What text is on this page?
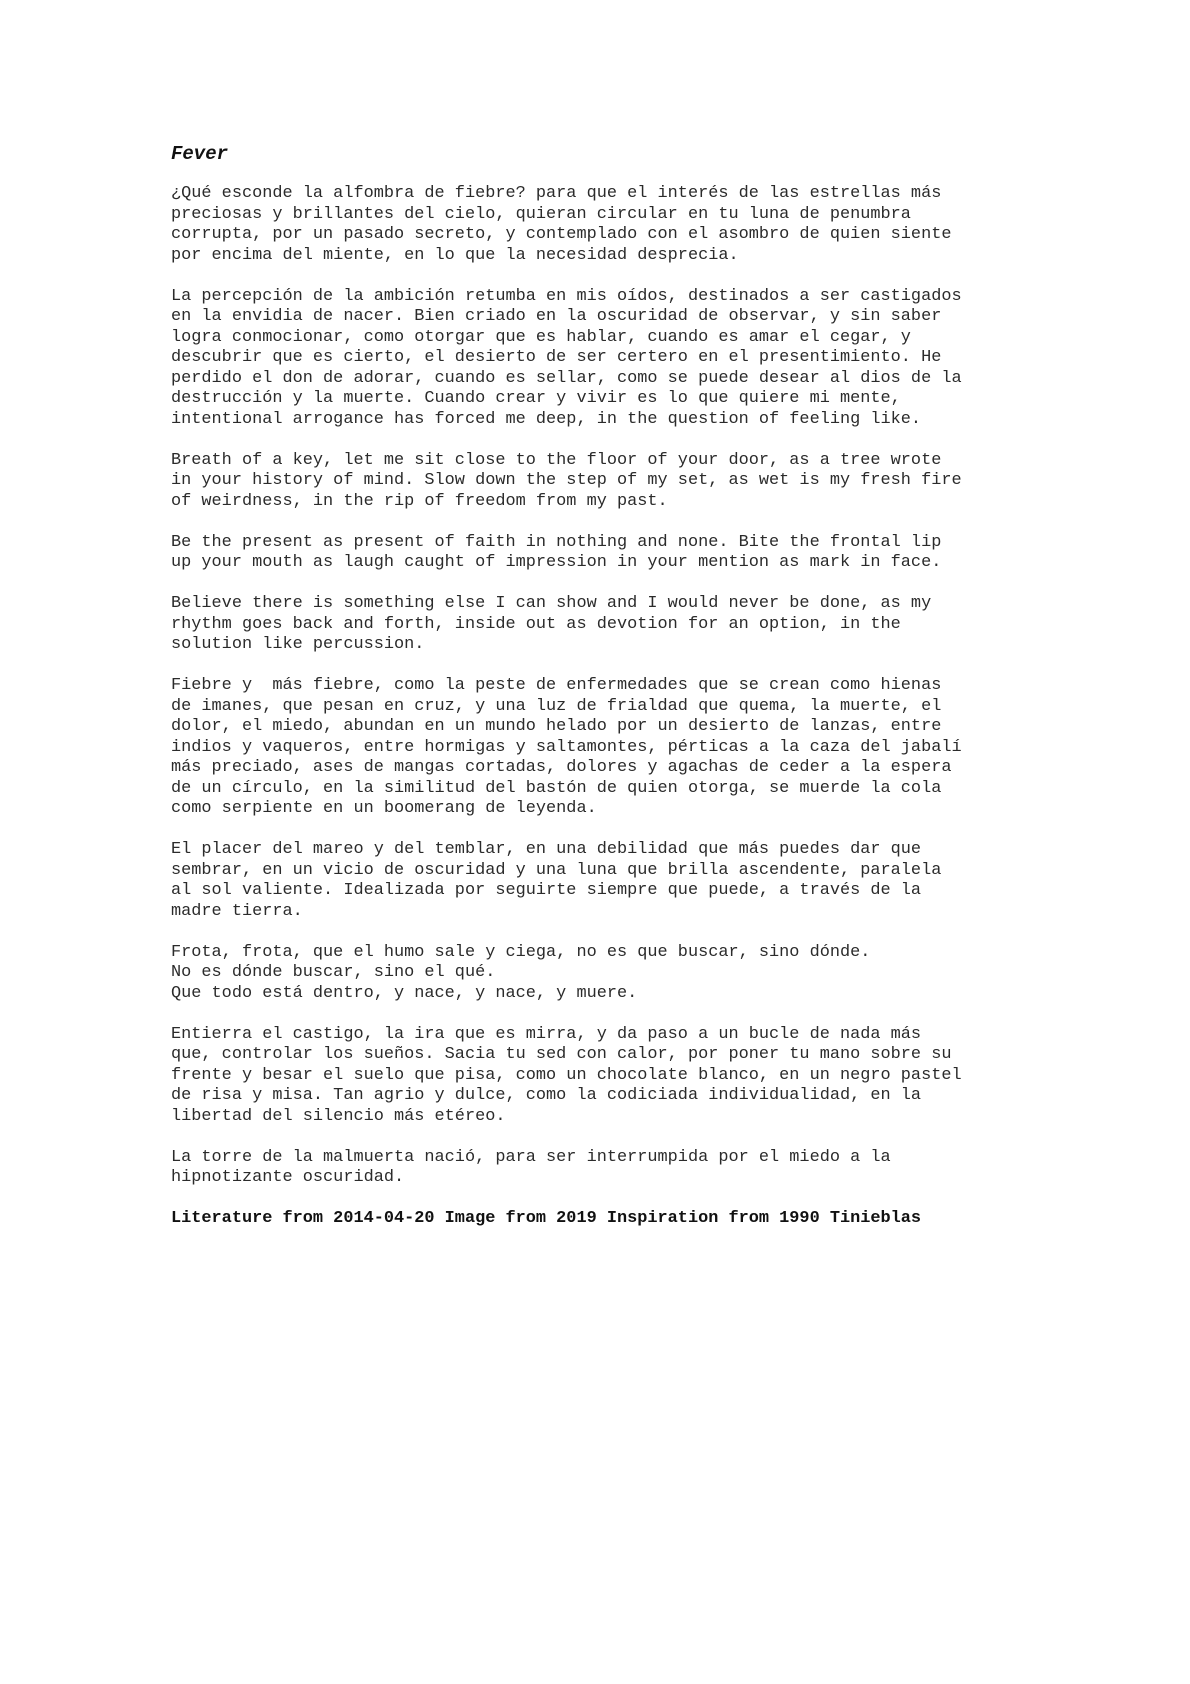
Fever
¿Qué esconde la alfombra de fiebre? para que el interés de las estrellas más
preciosas y brillantes del cielo, quieran circular en tu luna de penumbra
corrupta, por un pasado secreto, y contemplado con el asombro de quien siente
por encima del miente, en lo que la necesidad desprecia.
La percepción de la ambición retumba en mis oídos, destinados a ser castigados
en la envidia de nacer. Bien criado en la oscuridad de observar, y sin saber
logra conmocionar, como otorgar que es hablar, cuando es amar el cegar, y
descubrir que es cierto, el desierto de ser certero en el presentimiento. He
perdido el don de adorar, cuando es sellar, como se puede desear al dios de la
destrucción y la muerte. Cuando crear y vivir es lo que quiere mi mente,
intentional arrogance has forced me deep, in the question of feeling like.
Breath of a key, let me sit close to the floor of your door, as a tree wrote
in your history of mind. Slow down the step of my set, as wet is my fresh fire
of weirdness, in the rip of freedom from my past.
Be the present as present of faith in nothing and none. Bite the frontal lip
up your mouth as laugh caught of impression in your mention as mark in face.
Believe there is something else I can show and I would never be done, as my
rhythm goes back and forth, inside out as devotion for an option, in the
solution like percussion.
Fiebre y  más fiebre, como la peste de enfermedades que se crean como hienas
de imanes, que pesan en cruz, y una luz de frialdad que quema, la muerte, el
dolor, el miedo, abundan en un mundo helado por un desierto de lanzas, entre
indios y vaqueros, entre hormigas y saltamontes, pérticas a la caza del jabalí
más preciado, ases de mangas cortadas, dolores y agachas de ceder a la espera
de un círculo, en la similitud del bastón de quien otorga, se muerde la cola
como serpiente en un boomerang de leyenda.
El placer del mareo y del temblar, en una debilidad que más puedes dar que
sembrar, en un vicio de oscuridad y una luna que brilla ascendente, paralela
al sol valiente. Idealizada por seguirte siempre que puede, a través de la
madre tierra.
Frota, frota, que el humo sale y ciega, no es que buscar, sino dónde.
No es dónde buscar, sino el qué.
Que todo está dentro, y nace, y nace, y muere.
Entierra el castigo, la ira que es mirra, y da paso a un bucle de nada más
que, controlar los sueños. Sacia tu sed con calor, por poner tu mano sobre su
frente y besar el suelo que pisa, como un chocolate blanco, en un negro pastel
de risa y misa. Tan agrio y dulce, como la codiciada individualidad, en la
libertad del silencio más etéreo.
La torre de la malmuerta nació, para ser interrumpida por el miedo a la
hipnotizante oscuridad.
Literature from 2014-04-20 Image from 2019 Inspiration from 1990 Tinieblas
